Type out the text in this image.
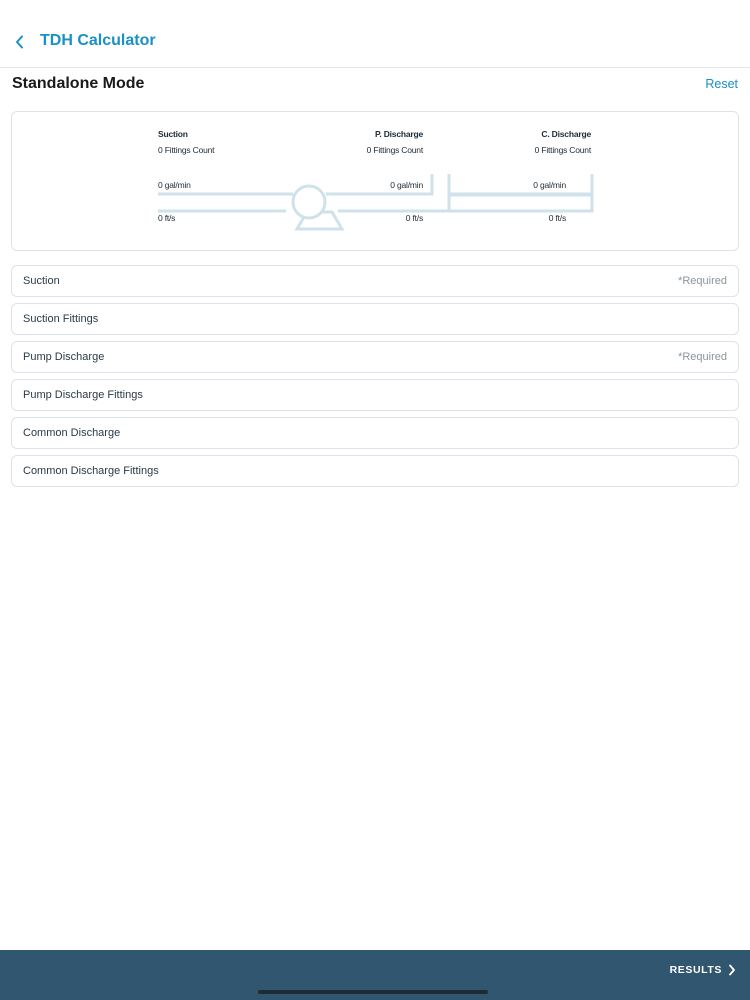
TDH Calculator
Standalone Mode	Reset
Suction
0 Fittings Count
0 gal/min
0 ft/s
P. Discharge
0 Fittings Count
0 gal/min
0 ft/s
C. Discharge
0 Fittings Count
0 gal/min
0 ft/s
Suction	*Required
Suction Fittings
Pump Discharge	*Required
Pump Discharge Fittings
Common Discharge
Common Discharge Fittings
RESULTS
